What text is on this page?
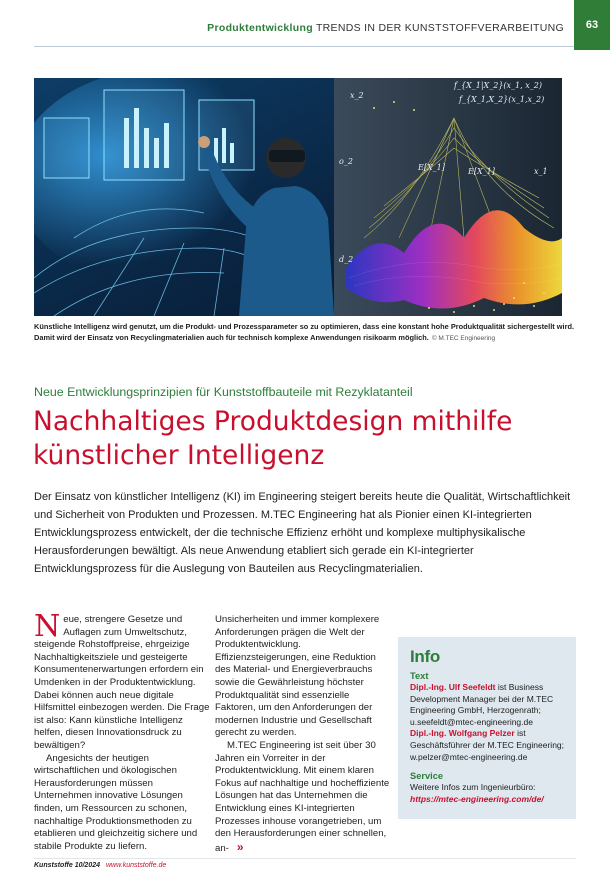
Produktentwicklung TRENDS IN DER KUNSTSTOFFVERARBEITUNG	63
f_{X_1|X_2}(x_1, x_2)
f_{X_1,X_2}(x_1,x_2)
E[X_1]	E[X_1]	x_1
x_2
o_2
d_2
Künstliche Intelligenz wird genutzt, um die Produkt- und Prozessparameter so zu optimieren, dass eine konstant hohe Produktqualität sichergestellt wird. Damit wird der Einsatz von Recyclingmaterialien auch für technisch komplexe Anwendungen risikoarm möglich. © M.TEC Engineering
Neue Entwicklungsprinzipien für Kunststoffbauteile mit Rezyklatanteil
Nachhaltiges Produktdesign mithilfe
künstlicher Intelligenz

Der Einsatz von künstlicher Intelligenz (KI) im Engineering steigert bereits heute die Qualität, Wirtschaftlichkeit und Sicherheit von Produkten und Prozessen. M.TEC Engineering hat als Pionier einen KI-integrierten Entwicklungsprozess entwickelt, der die technische Effizienz erhöht und komplexe multiphysikalische Herausforderungen bewältigt. Als neue Anwendung etabliert sich gerade ein KI-integrierter Entwicklungsprozess für die Auslegung von Bauteilen aus Recyclingmaterialien.

Neue, strengere Gesetze und Auflagen zum Umweltschutz, steigende Rohstoffpreise, ehrgeizige Nachhaltigkeitsziele und gesteigerte Konsumentenerwartungen erfordern ein Umdenken in der Produktentwicklung. Dabei können auch neue digitale Hilfsmittel einbezogen werden. Die Frage ist also: Kann künstliche Intelligenz helfen, diesen Innovationsdruck zu bewältigen?

Angesichts der heutigen wirtschaftlichen und ökologischen Herausforderungen müssen Unternehmen innovative Lösungen finden, um Ressourcen zu schonen, nachhaltige Produktionsmethoden zu etablieren und gleichzeitig sichere und stabile Produkte zu liefern.

Unsicherheiten und immer komplexere Anforderungen prägen die Welt der Produktentwicklung. Effizienzsteigerungen, eine Reduktion des Material- und Energieverbrauchs sowie die Gewährleistung höchster Produktqualität sind essenzielle Faktoren, um den Anforderungen der modernen Industrie und Gesellschaft gerecht zu werden.

M.TEC Engineering ist seit über 30 Jahren ein Vorreiter in der Produktentwicklung. Mit einem klaren Fokus auf nachhaltige und hocheffiziente Lösungen hat das Unternehmen die Entwicklung eines KI-integrierten Prozesses inhouse vorangetrieben, um den Herausforderungen einer schnellen, an- »

Info
Text
Dipl.-Ing. Ulf Seefeldt ist Business Development Manager bei der M.TEC Engineering GmbH, Herzogenrath;
u.seefeldt@mtec-engineering.de
Dipl.-Ing. Wolfgang Pelzer ist Geschäftsführer der M.TEC Engineering;
w.pelzer@mtec-engineering.de
Service
Weitere Infos zum Ingenieurbüro:
https://mtec-engineering.com/de/
Kunststoffe 10/2024 www.kunststoffe.de
